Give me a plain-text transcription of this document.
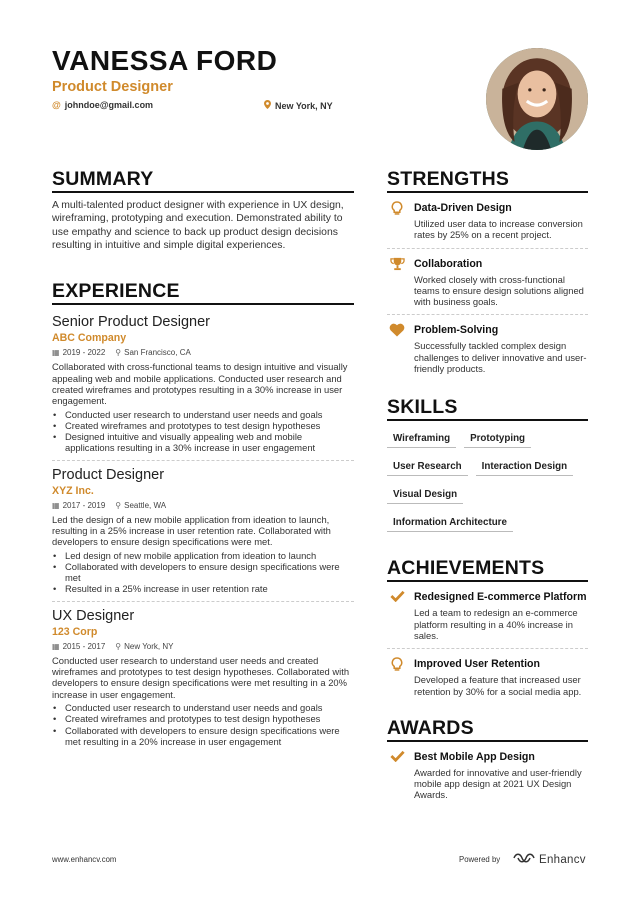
VANESSA FORD
Product Designer
@ johndoe@gmail.com	New York, NY
SUMMARY

A multi-talented product designer with experience in UX design, wireframing, prototyping and execution. Demonstrated ability to use empathy and science to back up product design decisions resulting in intuitive and simple digital experiences.

EXPERIENCE
Senior Product Designer
ABC Company
▦ 2019 - 2022 ⚲ San Francisco, CA

Collaborated with cross-functional teams to design intuitive and visually appealing web and mobile applications. Conducted user research and created wireframes and prototypes resulting in a 30% increase in user engagement.

• Conducted user research to understand user needs and goals
• Created wireframes and prototypes to test design hypotheses
• Designed intuitive and visually appealing web and mobile applications resulting in a 30% increase in user engagement
Product Designer
XYZ Inc.
▦ 2017 - 2019 ⚲ Seattle, WA

Led the design of a new mobile application from ideation to launch, resulting in a 25% increase in user retention rate. Collaborated with developers to ensure design specifications were met.

• Led design of new mobile application from ideation to launch
• Collaborated with developers to ensure design specifications were met
• Resulted in a 25% increase in user retention rate
UX Designer
123 Corp
▦ 2015 - 2017 ⚲ New York, NY

Conducted user research to understand user needs and created wireframes and prototypes to test design hypotheses. Collaborated with developers to ensure design specifications were met resulting in a 20% increase in user engagement.

• Conducted user research to understand user needs and goals
• Created wireframes and prototypes to test design hypotheses
• Collaborated with developers to ensure design specifications were met resulting in a 20% increase in user engagement
STRENGTHS
Data-Driven Design
Utilized user data to increase conversion rates by 25% on a recent project.
Collaboration
Worked closely with cross-functional teams to ensure design solutions aligned with business goals.
Problem-Solving
Successfully tackled complex design challenges to deliver innovative and user-friendly products.
SKILLS
Wireframing	Prototyping
User Research	Interaction Design
Visual Design
Information Architecture
ACHIEVEMENTS
Redesigned E-commerce Platform
Led a team to redesign an e-commerce platform resulting in a 40% increase in sales.
Improved User Retention
Developed a feature that increased user retention by 30% for a social media app.
AWARDS
Best Mobile App Design
Awarded for innovative and user-friendly mobile app design at 2021 UX Design Awards.
www.enhancv.com	Powered by	Enhancv
